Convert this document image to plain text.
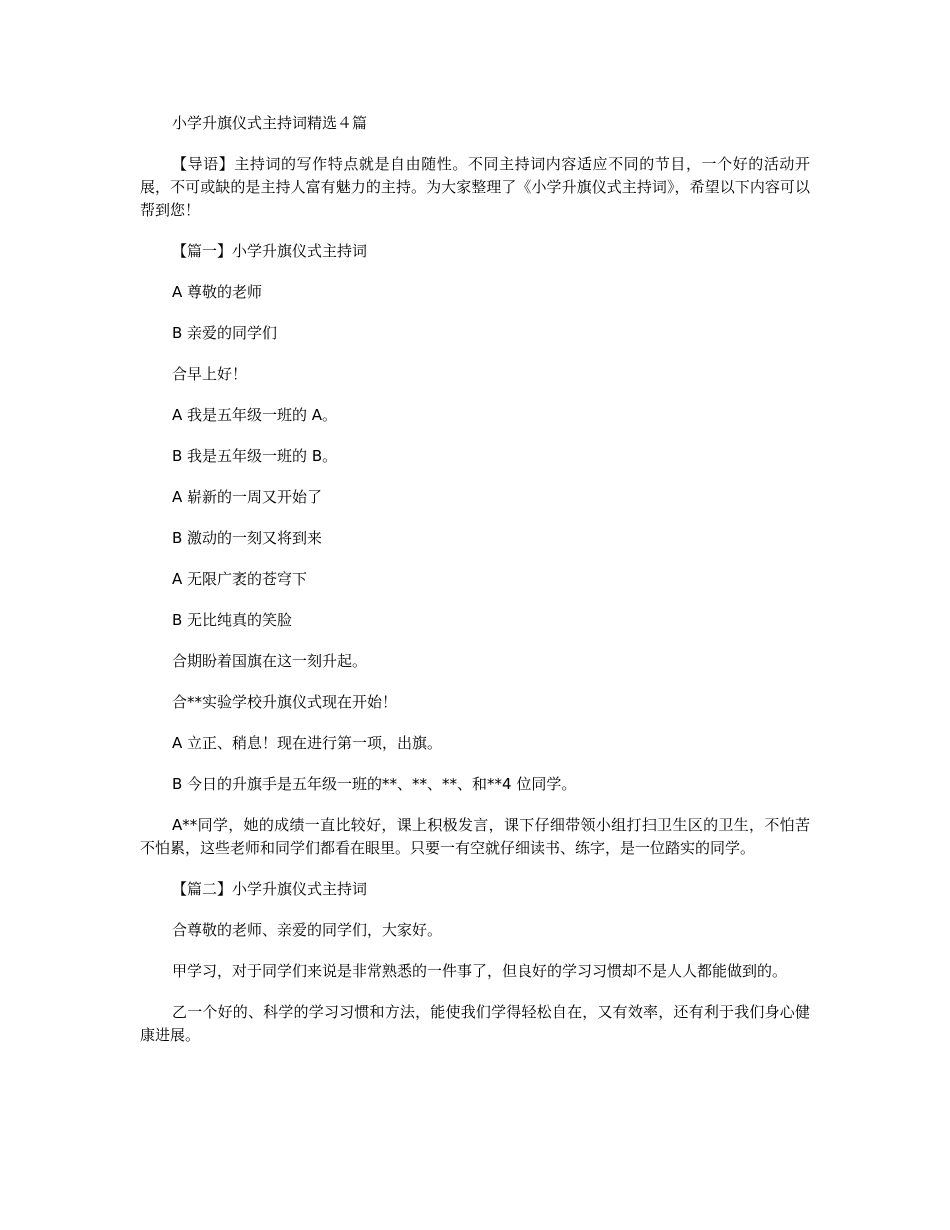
小学升旗仪式主持词精选４篇

【导语】主持词的写作特点就是自由随性。不同主持词内容适应不同的节目，一个好的活动开展，不可或缺的是主持人富有魅力的主持。为大家整理了《小学升旗仪式主持词》，希望以下内容可以帮到您！

【篇一】小学升旗仪式主持词

A 尊敬的老师

B 亲爱的同学们

合早上好！

A 我是五年级一班的 A。

B 我是五年级一班的 B。

A 崭新的一周又开始了

B 激动的一刻又将到来

A 无限广袤的苍穹下

B 无比纯真的笑脸

合期盼着国旗在这一刻升起。

合**实验学校升旗仪式现在开始！

A 立正、稍息！现在进行第一项，出旗。

B 今日的升旗手是五年级一班的**、**、**、和**4 位同学。

A**同学，她的成绩一直比较好，课上积极发言，课下仔细带领小组打扫卫生区的卫生，不怕苦不怕累，这些老师和同学们都看在眼里。只要一有空就仔细读书、练字，是一位踏实的同学。

【篇二】小学升旗仪式主持词

合尊敬的老师、亲爱的同学们，大家好。

甲学习，对于同学们来说是非常熟悉的一件事了，但良好的学习习惯却不是人人都能做到的。

乙一个好的、科学的学习习惯和方法，能使我们学得轻松自在，又有效率，还有利于我们身心健康进展。
